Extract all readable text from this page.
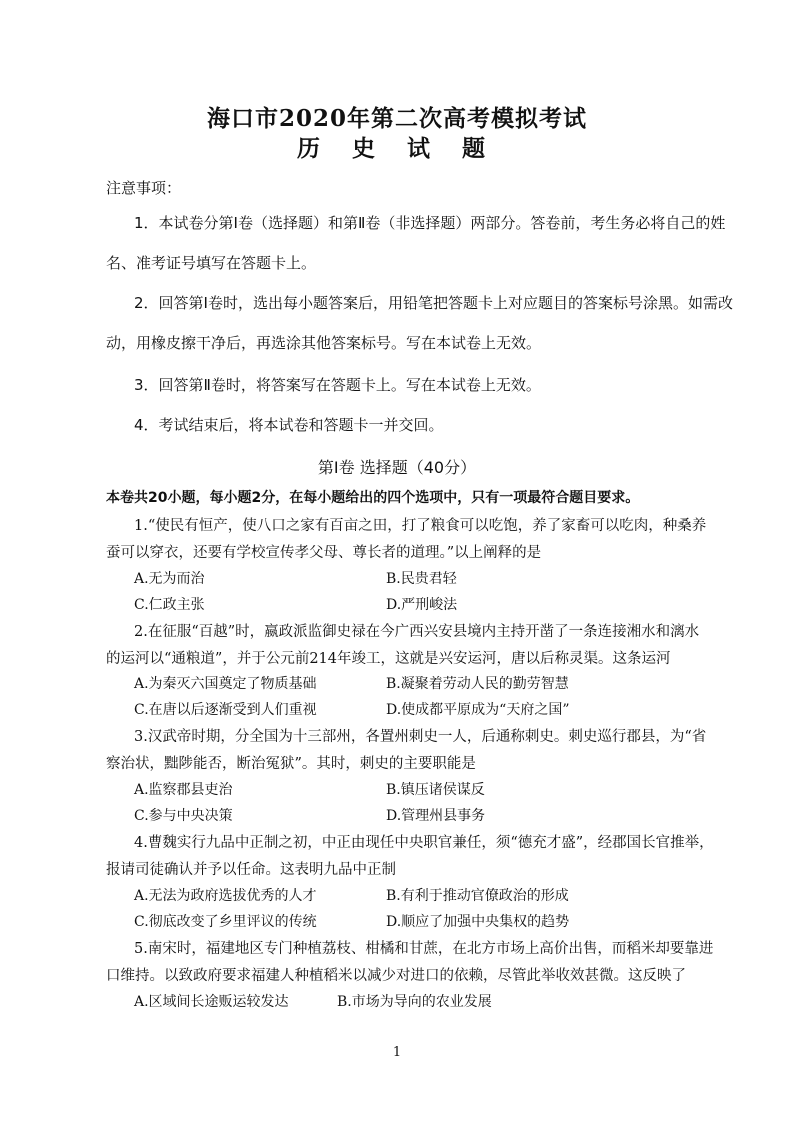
海口市2020年第二次高考模拟考试
历 史 试 题
注意事项：
1．本试卷分第Ⅰ卷（选择题）和第Ⅱ卷（非选择题）两部分。答卷前，考生务必将自己的姓
名、准考证号填写在答题卡上。
2．回答第Ⅰ卷时，选出每小题答案后，用铅笔把答题卡上对应题目的答案标号涂黑。如需改
动，用橡皮擦干净后，再选涂其他答案标号。写在本试卷上无效。
3．回答第Ⅱ卷时，将答案写在答题卡上。写在本试卷上无效。
4．考试结束后，将本试卷和答题卡一并交回。
第Ⅰ卷 选择题（40分）
本卷共20小题，每小题2分，在每小题给出的四个选项中，只有一项最符合题目要求。
1.“使民有恒产，使八口之家有百亩之田，打了粮食可以吃饱，养了家畜可以吃肉，种桑养
蚕可以穿衣，还要有学校宣传孝父母、尊长者的道理。”以上阐释的是
A.无为而治	B.民贵君轻
C.仁政主张	D.严刑峻法
2.在征服“百越”时，嬴政派监御史禄在今广西兴安县境内主持开凿了一条连接湘水和漓水
的运河以“通粮道”，并于公元前214年竣工，这就是兴安运河，唐以后称灵渠。这条运河
A.为秦灭六国奠定了物质基础	B.凝聚着劳动人民的勤劳智慧
C.在唐以后逐渐受到人们重视	D.使成都平原成为“天府之国”
3.汉武帝时期，分全国为十三部州，各置州刺史一人，后通称刺史。刺史巡行郡县，为“省
察治状，黜陟能否，断治冤狱”。其时，刺史的主要职能是
A.监察郡县吏治	B.镇压诸侯谋反
C.参与中央决策	D.管理州县事务
4.曹魏实行九品中正制之初，中正由现任中央职官兼任，须“德充才盛”，经郡国长官推举，
报请司徒确认并予以任命。这表明九品中正制
A.无法为政府选拔优秀的人才	B.有利于推动官僚政治的形成
C.彻底改变了乡里评议的传统	D.顺应了加强中央集权的趋势
5.南宋时，福建地区专门种植荔枝、柑橘和甘蔗，在北方市场上高价出售，而稻米却要靠进
口维持。以致政府要求福建人种植稻米以减少对进口的依赖，尽管此举收效甚微。这反映了
A.区域间长途贩运较发达	B.市场为导向的农业发展
1
